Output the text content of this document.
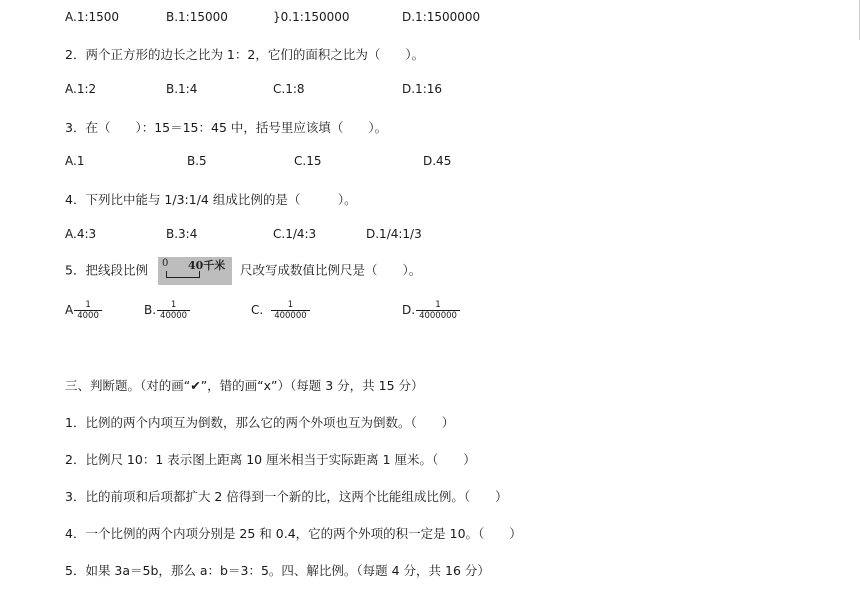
A.1:1500	B.1:15000	}0.1:150000	D.1:1500000
2．两个正方形的边长之比为 1：2，它们的面积之比为（　　）。
A.1:2	B.1:4	C.1:8	D.1:16
3．在（　　）：15＝15：45 中，括号里应该填（　　）。
A.1	B.5	C.15	D.45
4．下列比中能与 1/3:1/4 组成比例的是（　　　）。
A.4:3	B.3:4	C.1/4:3	D.1/4:1/3
5．把线段比例 0 40千米 尺改写成数值比例尺是（　　）。
A $\frac{1}{4000}$	B. $\frac{1}{40000}$	C. $\frac{1}{400000}$	D. $\frac{1}{4000000}$
三、判断题。（对的画“✔”，错的画“x”）（每题 3 分，共 15 分）
1．比例的两个内项互为倒数，那么它的两个外项也互为倒数。（　　）
2．比例尺 10：1 表示图上距离 10 厘米相当于实际距离 1 厘米。（　　）
3．比的前项和后项都扩大 2 倍得到一个新的比，这两个比能组成比例。（　　）
4．一个比例的两个内项分别是 25 和 0.4，它的两个外项的积一定是 10。（　　）
5．如果 3a＝5b，那么 a：b＝3：5。四、解比例。（每题 4 分，共 16 分）
